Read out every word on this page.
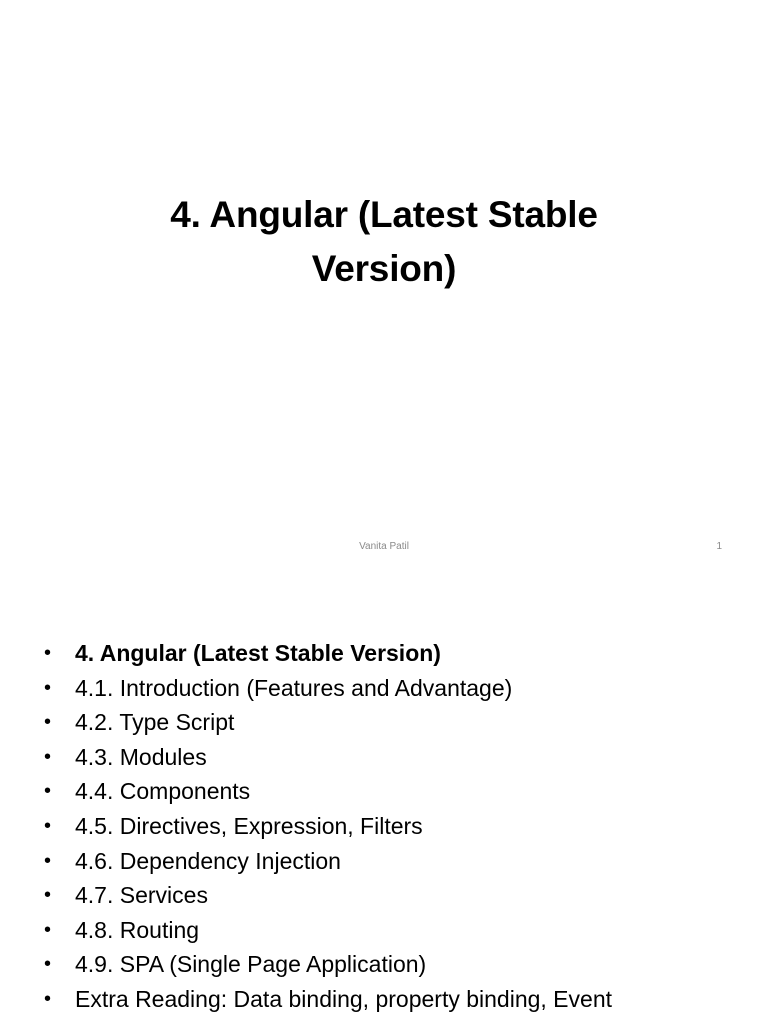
4. Angular (Latest Stable
Version)
Vanita Patil	1
• 4. Angular (Latest Stable Version)
• 4.1. Introduction (Features and Advantage)
• 4.2. Type Script
• 4.3. Modules
• 4.4. Components
• 4.5. Directives, Expression, Filters
• 4.6. Dependency Injection
• 4.7. Services
• 4.8. Routing
• 4.9. SPA (Single Page Application)
• Extra Reading: Data binding, property binding, Event
